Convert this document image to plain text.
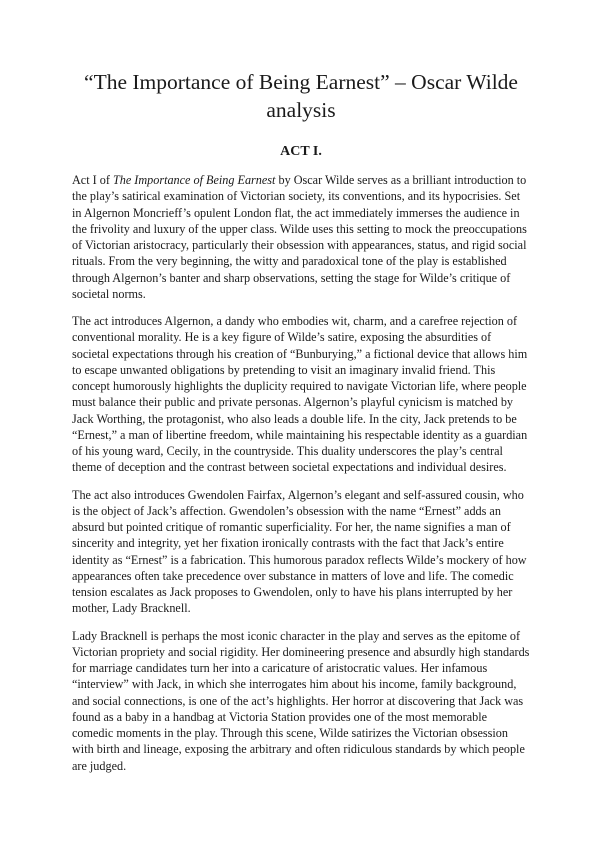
“The Importance of Being Earnest” – Oscar Wilde analysis
ACT I.

Act I of The Importance of Being Earnest by Oscar Wilde serves as a brilliant introduction to the play’s satirical examination of Victorian society, its conventions, and its hypocrisies. Set in Algernon Moncrieff’s opulent London flat, the act immediately immerses the audience in the frivolity and luxury of the upper class. Wilde uses this setting to mock the preoccupations of Victorian aristocracy, particularly their obsession with appearances, status, and rigid social rituals. From the very beginning, the witty and paradoxical tone of the play is established through Algernon’s banter and sharp observations, setting the stage for Wilde’s critique of societal norms.

The act introduces Algernon, a dandy who embodies wit, charm, and a carefree rejection of conventional morality. He is a key figure of Wilde’s satire, exposing the absurdities of societal expectations through his creation of “Bunburying,” a fictional device that allows him to escape unwanted obligations by pretending to visit an imaginary invalid friend. This concept humorously highlights the duplicity required to navigate Victorian life, where people must balance their public and private personas. Algernon’s playful cynicism is matched by Jack Worthing, the protagonist, who also leads a double life. In the city, Jack pretends to be “Ernest,” a man of libertine freedom, while maintaining his respectable identity as a guardian of his young ward, Cecily, in the countryside. This duality underscores the play’s central theme of deception and the contrast between societal expectations and individual desires.

The act also introduces Gwendolen Fairfax, Algernon’s elegant and self-assured cousin, who is the object of Jack’s affection. Gwendolen’s obsession with the name “Ernest” adds an absurd but pointed critique of romantic superficiality. For her, the name signifies a man of sincerity and integrity, yet her fixation ironically contrasts with the fact that Jack’s entire identity as “Ernest” is a fabrication. This humorous paradox reflects Wilde’s mockery of how appearances often take precedence over substance in matters of love and life. The comedic tension escalates as Jack proposes to Gwendolen, only to have his plans interrupted by her mother, Lady Bracknell.

Lady Bracknell is perhaps the most iconic character in the play and serves as the epitome of Victorian propriety and social rigidity. Her domineering presence and absurdly high standards for marriage candidates turn her into a caricature of aristocratic values. Her infamous “interview” with Jack, in which she interrogates him about his income, family background, and social connections, is one of the act’s highlights. Her horror at discovering that Jack was found as a baby in a handbag at Victoria Station provides one of the most memorable comedic moments in the play. Through this scene, Wilde satirizes the Victorian obsession with birth and lineage, exposing the arbitrary and often ridiculous standards by which people are judged.
